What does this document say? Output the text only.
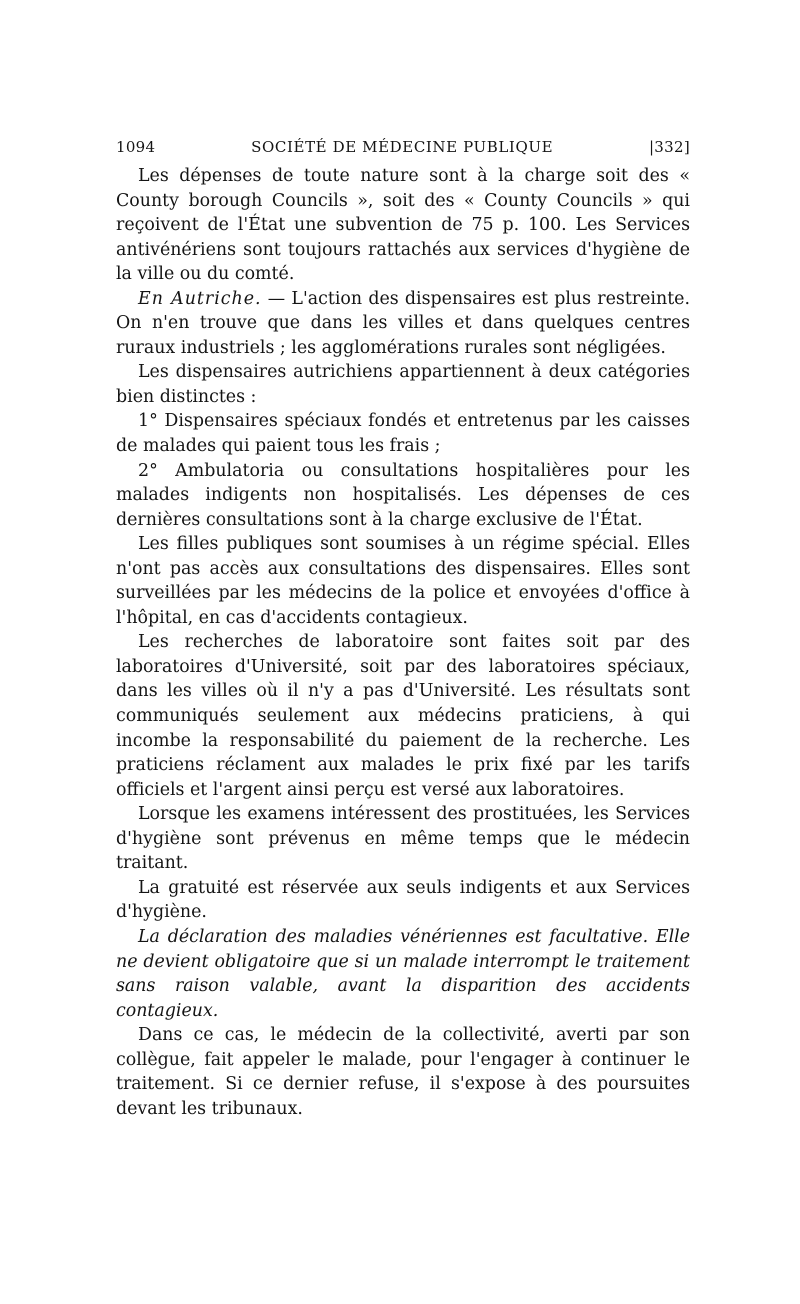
1094	SOCIÉTÉ DE MÉDECINE PUBLIQUE	|332]

Les dépenses de toute nature sont à la charge soit des « County borough Councils », soit des « County Councils » qui reçoivent de l'État une subvention de 75 p. 100. Les Services antivénériens sont toujours rattachés aux services d'hygiène de la ville ou du comté.

En Autriche. — L'action des dispensaires est plus restreinte. On n'en trouve que dans les villes et dans quelques centres ruraux industriels ; les agglomérations rurales sont négligées.

Les dispensaires autrichiens appartiennent à deux catégories bien distinctes :

1° Dispensaires spéciaux fondés et entretenus par les caisses de malades qui paient tous les frais ;

2° Ambulatoria ou consultations hospitalières pour les malades indigents non hospitalisés. Les dépenses de ces dernières consultations sont à la charge exclusive de l'État.

Les filles publiques sont soumises à un régime spécial. Elles n'ont pas accès aux consultations des dispensaires. Elles sont surveillées par les médecins de la police et envoyées d'office à l'hôpital, en cas d'accidents contagieux.

Les recherches de laboratoire sont faites soit par des laboratoires d'Université, soit par des laboratoires spéciaux, dans les villes où il n'y a pas d'Université. Les résultats sont communiqués seulement aux médecins praticiens, à qui incombe la responsabilité du paiement de la recherche. Les praticiens réclament aux malades le prix fixé par les tarifs officiels et l'argent ainsi perçu est versé aux laboratoires.

Lorsque les examens intéressent des prostituées, les Services d'hygiène sont prévenus en même temps que le médecin traitant.

La gratuité est réservée aux seuls indigents et aux Services d'hygiène.

La déclaration des maladies vénériennes est facultative. Elle ne devient obligatoire que si un malade interrompt le traitement sans raison valable, avant la disparition des accidents contagieux.

Dans ce cas, le médecin de la collectivité, averti par son collègue, fait appeler le malade, pour l'engager à continuer le traitement. Si ce dernier refuse, il s'expose à des poursuites devant les tribunaux.
